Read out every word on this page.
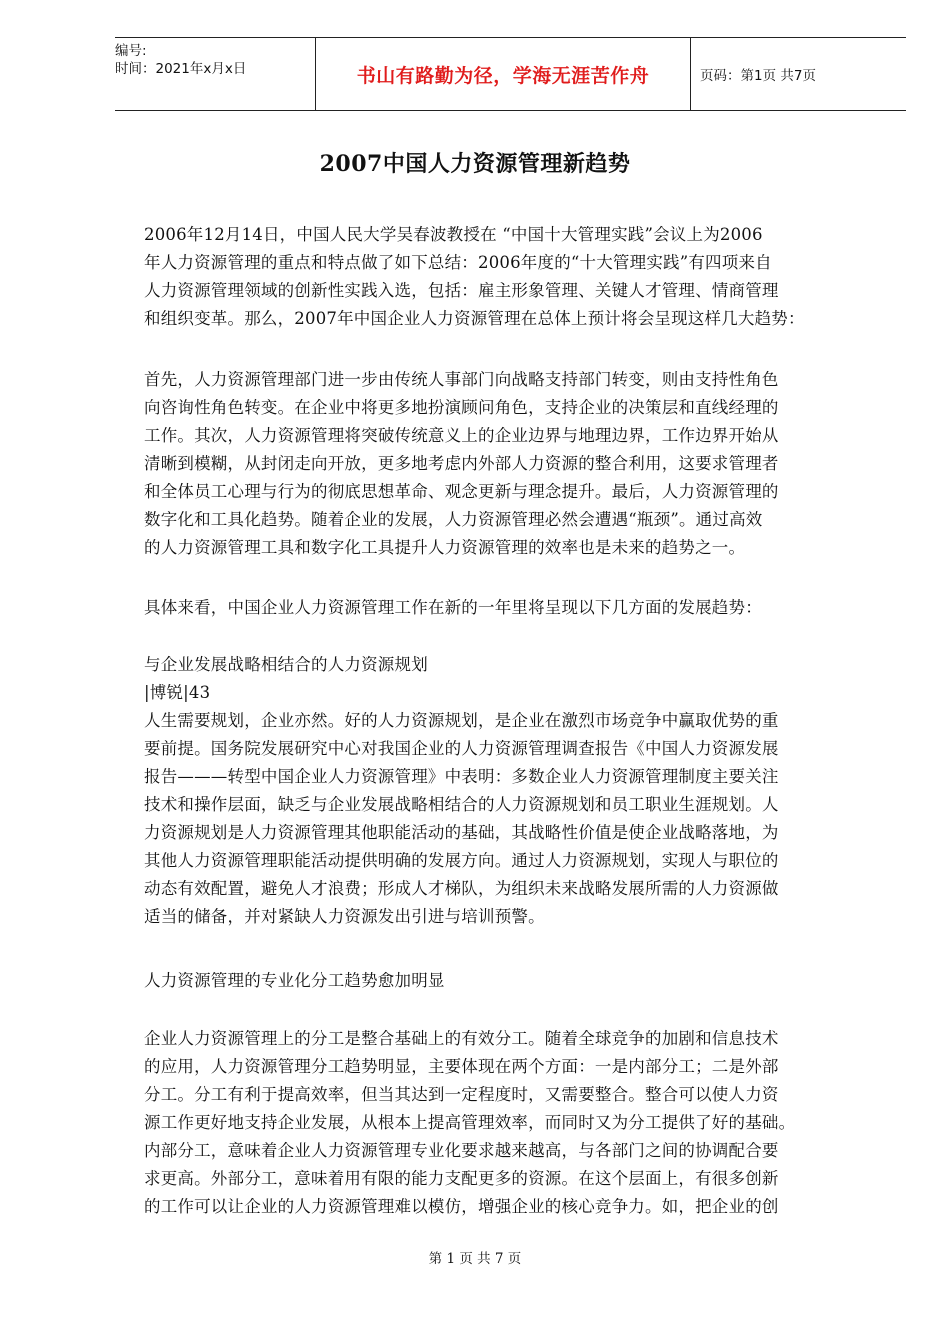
编号:
时间：2021年x月x日	书山有路勤为径，学海无涯苦作舟	页码：第1页 共7页
2007中国人力资源管理新趋势
2006年12月14日，中国人民大学吴春波教授在 “中国十大管理实践”会议上为2006
年人力资源管理的重点和特点做了如下总结：2006年度的“十大管理实践”有四项来自
人力资源管理领域的创新性实践入选，包括：雇主形象管理、关键人才管理、情商管理
和组织变革。那么，2007年中国企业人力资源管理在总体上预计将会呈现这样几大趋势：
首先，人力资源管理部门进一步由传统人事部门向战略支持部门转变，则由支持性角色
向咨询性角色转变。在企业中将更多地扮演顾问角色，支持企业的决策层和直线经理的
工作。其次，人力资源管理将突破传统意义上的企业边界与地理边界，工作边界开始从
清晰到模糊，从封闭走向开放，更多地考虑内外部人力资源的整合利用，这要求管理者
和全体员工心理与行为的彻底思想革命、观念更新与理念提升。最后，人力资源管理的
数字化和工具化趋势。随着企业的发展，人力资源管理必然会遭遇“瓶颈”。通过高效
的人力资源管理工具和数字化工具提升人力资源管理的效率也是未来的趋势之一。
具体来看，中国企业人力资源管理工作在新的一年里将呈现以下几方面的发展趋势：
与企业发展战略相结合的人力资源规划
|博锐|43
人生需要规划，企业亦然。好的人力资源规划，是企业在激烈市场竞争中赢取优势的重
要前提。国务院发展研究中心对我国企业的人力资源管理调查报告《中国人力资源发展
报告———转型中国企业人力资源管理》中表明：多数企业人力资源管理制度主要关注
技术和操作层面，缺乏与企业发展战略相结合的人力资源规划和员工职业生涯规划。人
力资源规划是人力资源管理其他职能活动的基础，其战略性价值是使企业战略落地，为
其他人力资源管理职能活动提供明确的发展方向。通过人力资源规划，实现人与职位的
动态有效配置，避免人才浪费；形成人才梯队，为组织未来战略发展所需的人力资源做
适当的储备，并对紧缺人力资源发出引进与培训预警。
人力资源管理的专业化分工趋势愈加明显
企业人力资源管理上的分工是整合基础上的有效分工。随着全球竞争的加剧和信息技术
的应用，人力资源管理分工趋势明显，主要体现在两个方面：一是内部分工；二是外部
分工。分工有利于提高效率，但当其达到一定程度时，又需要整合。整合可以使人力资
源工作更好地支持企业发展，从根本上提高管理效率，而同时又为分工提供了好的基础。
内部分工，意味着企业人力资源管理专业化要求越来越高，与各部门之间的协调配合要
求更高。外部分工，意味着用有限的能力支配更多的资源。在这个层面上，有很多创新
的工作可以让企业的人力资源管理难以模仿，增强企业的核心竞争力。如，把企业的创
第 1 页 共 7 页
